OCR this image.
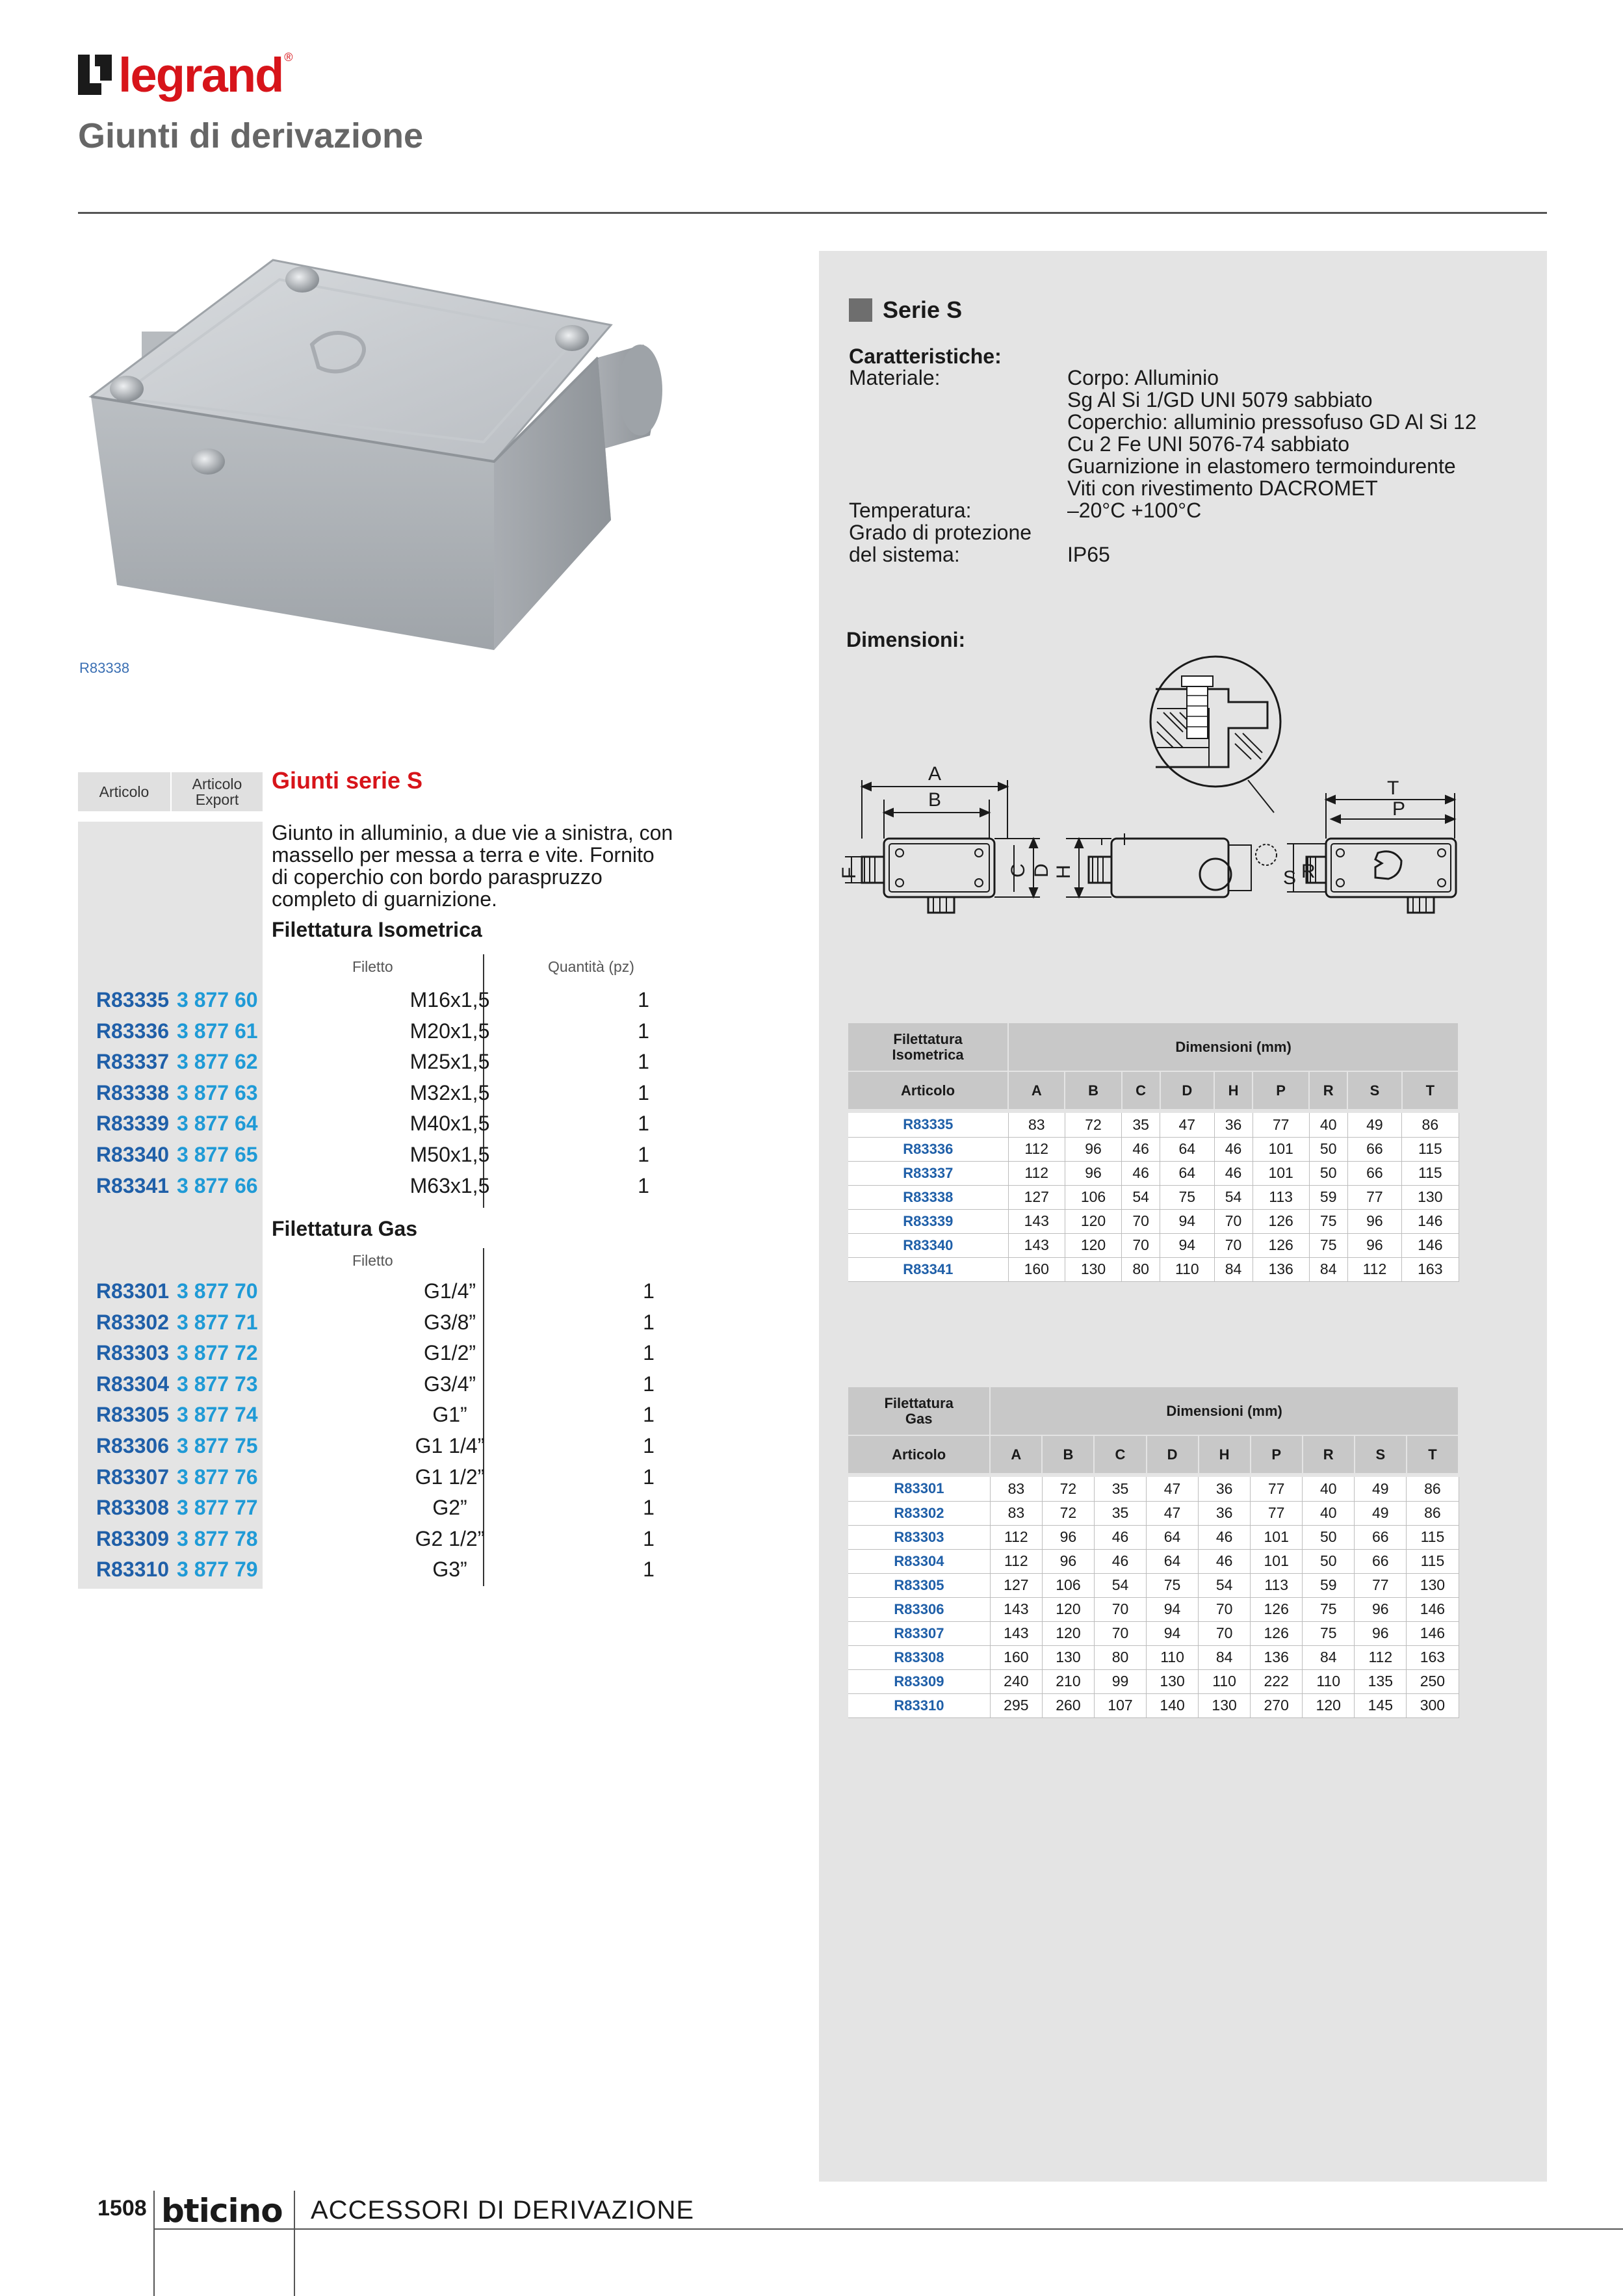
legrand ®
Giunti di derivazione
R83338
Serie S
Caratteristiche:
Materiale:	Corpo: Alluminio
Sg Al Si 1/GD UNI 5079 sabbiato
Coperchio: alluminio pressofuso GD Al Si 12
Cu 2 Fe UNI 5076-74 sabbiato
Guarnizione in elastomero termoindurente
Viti con rivestimento DACROMET
Temperatura:	–20°C +100°C
Grado di protezione
del sistema:	IP65
Dimensioni:
A
B
C D
F	H
T
P
S R
Filettatura
Isometrica	Dimensioni (mm)								
Articolo	A	B	C	D	H	P	R	S	T

R83335	83	72	35	47	36	77	40	49	86
R83336	112	96	46	64	46	101	50	66	115
R83337	112	96	46	64	46	101	50	66	115
R83338	127	106	54	75	54	113	59	77	130
R83339	143	120	70	94	70	126	75	96	146
R83340	143	120	70	94	70	126	75	96	146
R83341	160	130	80	110	84	136	84	112	163
Filettatura
Gas	Dimensioni (mm)								
Articolo	A	B	C	D	H	P	R	S	T

R83301	83	72	35	47	36	77	40	49	86
R83302	83	72	35	47	36	77	40	49	86
R83303	112	96	46	64	46	101	50	66	115
R83304	112	96	46	64	46	101	50	66	115
R83305	127	106	54	75	54	113	59	77	130
R83306	143	120	70	94	70	126	75	96	146
R83307	143	120	70	94	70	126	75	96	146
R83308	160	130	80	110	84	136	84	112	163
R83309	240	210	99	130	110	222	110	135	250
R83310	295	260	107	140	130	270	120	145	300
Articolo	Articolo
Export
Giunti serie S
Giunto in alluminio, a due vie a sinistra, con massello per messa a terra e vite. Fornito di coperchio con bordo paraspruzzo completo di guarnizione.
Filettatura Isometrica
Filetto	Quantità (pz)
Filettatura Gas
Filetto
R83335 3 877 60	M16x1,5	1
R83336 3 877 61	M20x1,5	1
R83337 3 877 62	M25x1,5	1
R83338 3 877 63	M32x1,5	1
R83339 3 877 64	M40x1,5	1
R83340 3 877 65	M50x1,5	1
R83341 3 877 66	M63x1,5	1
R83301 3 877 70	G1/4”	1
R83302 3 877 71	G3/8”	1
R83303 3 877 72	G1/2”	1
R83304 3 877 73	G3/4”	1
R83305 3 877 74	G1”	1
R83306 3 877 75	G1 1/4”	1
R83307 3 877 76	G1 1/2”	1
R83308 3 877 77	G2”	1
R83309 3 877 78	G2 1/2”	1
R83310 3 877 79	G3”	1
1508 bticino ACCESSORI DI DERIVAZIONE
